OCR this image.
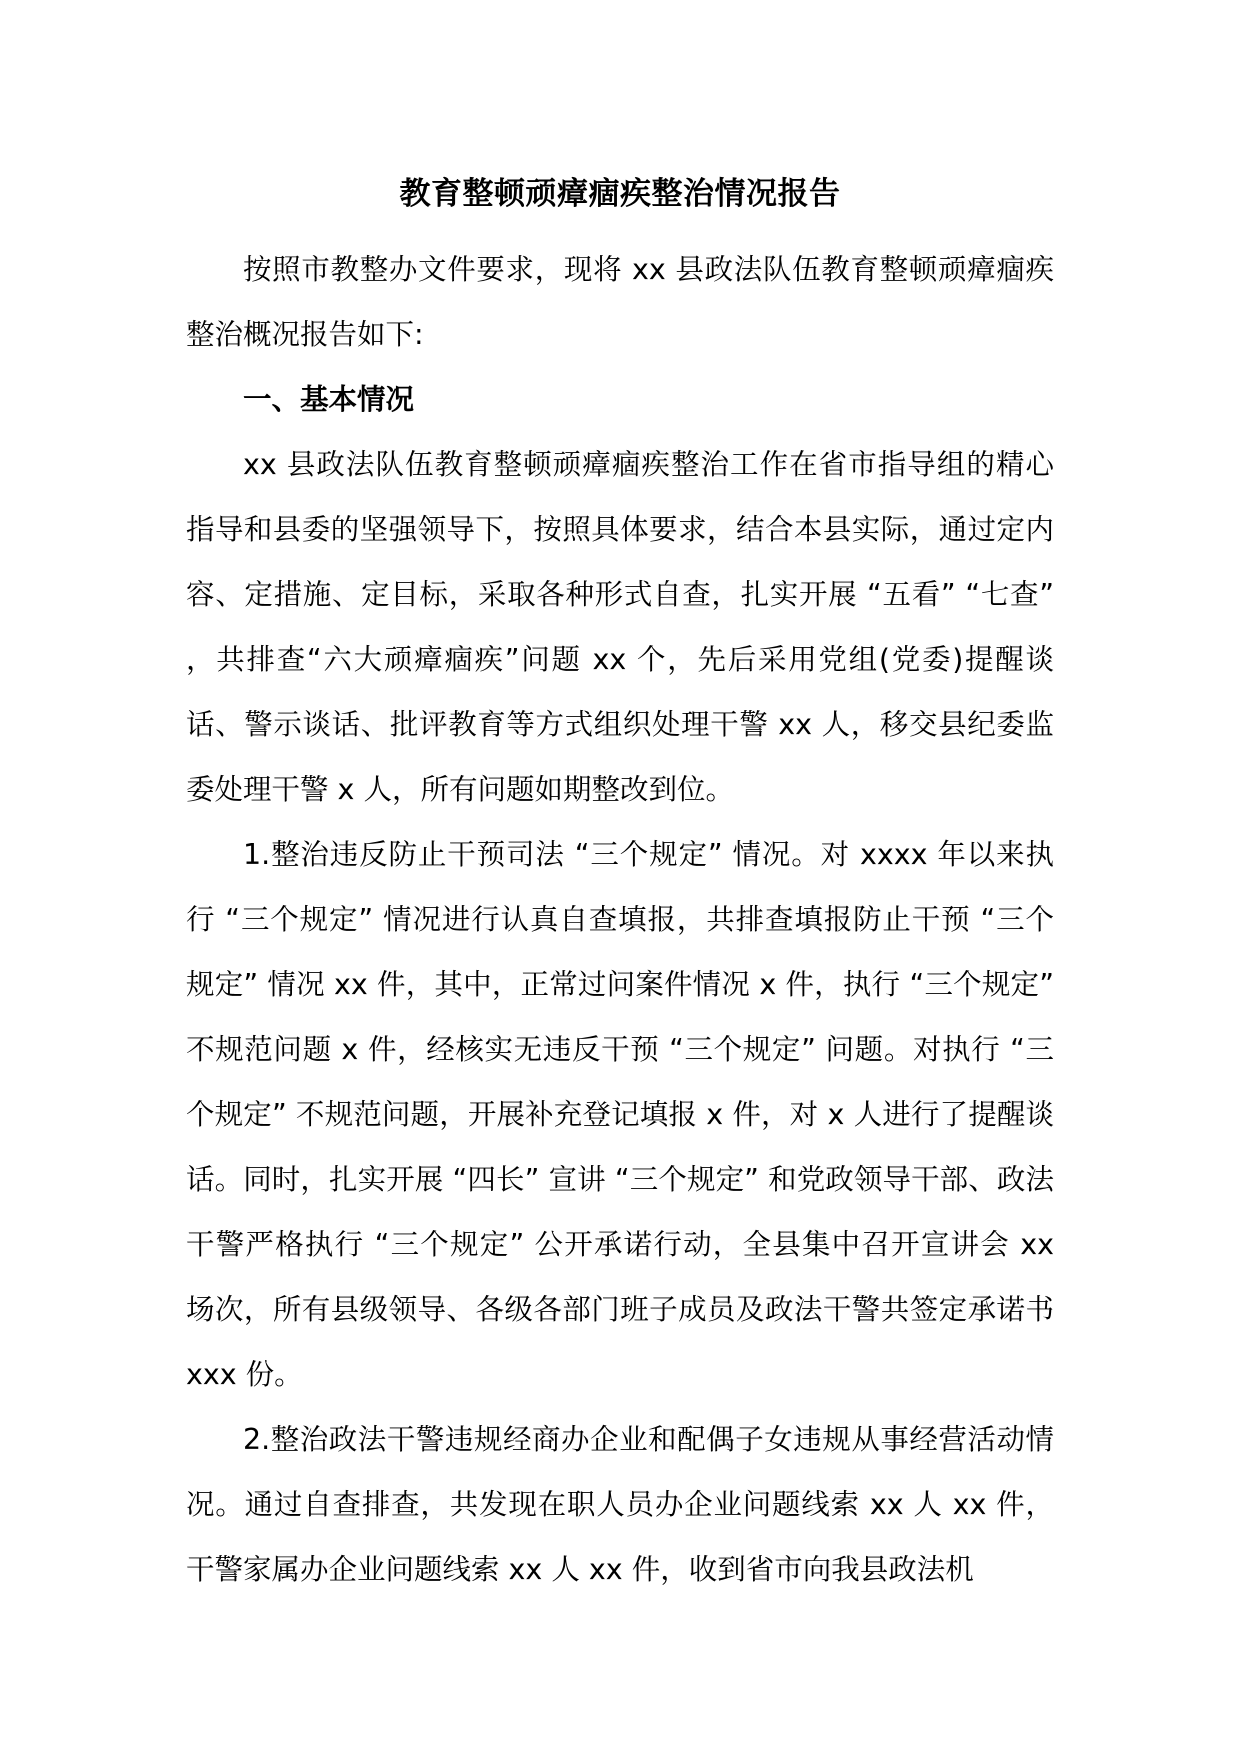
教育整顿顽瘴痼疾整治情况报告

按照市教整办文件要求，现将 xx 县政法队伍教育整顿顽瘴痼疾整治概况报告如下:

一、基本情况

xx 县政法队伍教育整顿顽瘴痼疾整治工作在省市指导组的精心指导和县委的坚强领导下，按照具体要求，结合本县实际，通过定内容、定措施、定目标，采取各种形式自查，扎实开展 “五看” “七查” ，共排查“六大顽瘴痼疾”问题 xx 个，先后采用党组(党委)提醒谈话、警示谈话、批评教育等方式组织处理干警 xx 人，移交县纪委监委处理干警 x 人，所有问题如期整改到位。

1.整治违反防止干预司法 “三个规定” 情况。对 xxxx 年以来执行 “三个规定” 情况进行认真自查填报，共排查填报防止干预 “三个规定” 情况 xx 件，其中，正常过问案件情况 x 件，执行 “三个规定” 不规范问题 x 件，经核实无违反干预 “三个规定” 问题。对执行 “三个规定” 不规范问题，开展补充登记填报 x 件，对 x 人进行了提醒谈话。同时，扎实开展 “四长” 宣讲 “三个规定” 和党政领导干部、政法干警严格执行 “三个规定” 公开承诺行动，全县集中召开宣讲会 xx 场次，所有县级领导、各级各部门班子成员及政法干警共签定承诺书 xxx 份。

2.整治政法干警违规经商办企业和配偶子女违规从事经营活动情况。通过自查排查，共发现在职人员办企业问题线索 xx 人 xx 件，干警家属办企业问题线索 xx 人 xx 件，收到省市向我县政法机
